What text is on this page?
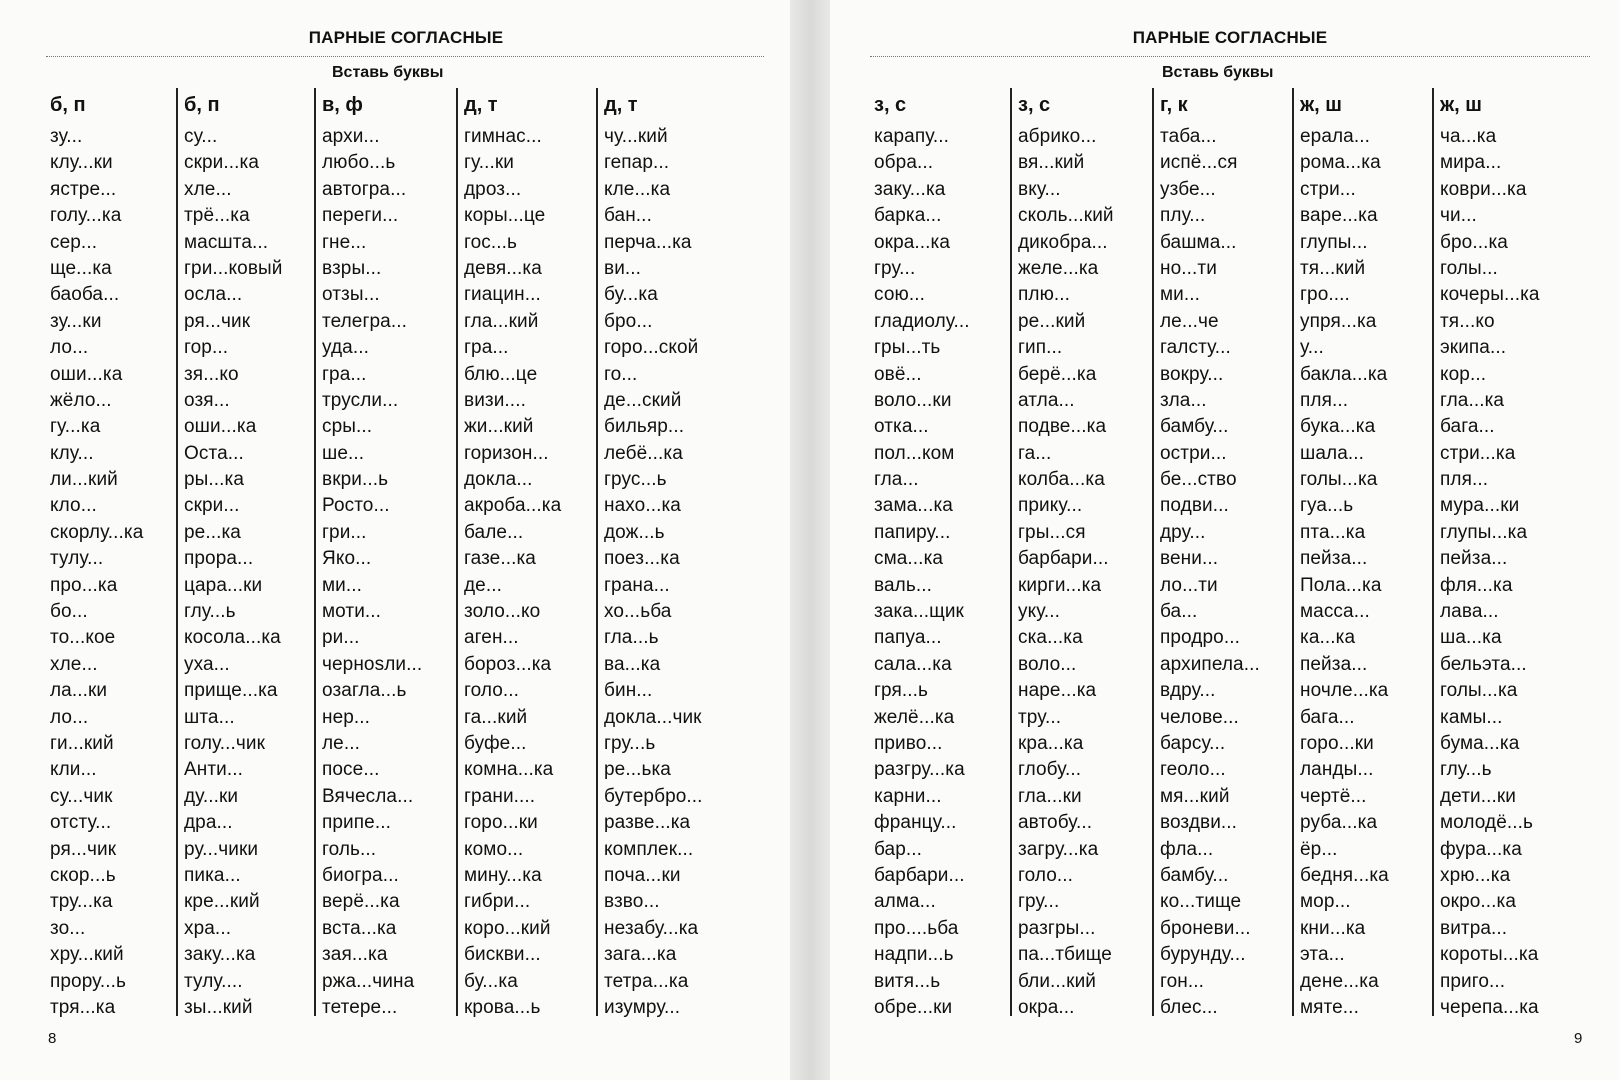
ПАРНЫЕ СОГЛАСНЫЕ
Вставь буквы
б, п
зу...
клу...ки
ястре...
голу...ка
сер...
ще...ка
баоба...
зу...ки
ло...
оши...ка
жёло...
гу...ка
клу...
ли...кий
кло...
скорлу...ка
тулу...
про...ка
бо...
то...кое
хле...
ла...ки
ло...
ги...кий
кли...
су...чик
отсту...
ря...чик
скор...ь
тру...ка
зо...
хру...кий
прору...ь
тря...ка
б, п
су...
скри...ка
хле...
трё...ка
масшта...
гри...ковый
осла...
ря...чик
гор...
зя...ко
озя...
оши...ка
Оста...
ры...ка
скри...
ре...ка
прора...
цара...ки
глу...ь
косола...ка
уха...
прище...ка
шта...
голу...чик
Анти...
ду...ки
дра...
ру...чики
пика...
кре...кий
хра...
заку...ка
тулу....
зы...кий
в, ф
архи...
любо...ь
автогра...
переги...
гне...
взры...
отзы...
телегра...
уда...
гра...
трусли...
сры...
ше...
вкри...ь
Росто...
гри...
Яко...
ми...
моти...
ри...
чернosли...
озагла...ь
нер...
ле...
посе...
Вячесла...
припе...
голь...
биогра...
верё...ка
вста...ка
зая...ка
ржа...чина
тетере...
д, т
гимнас...
гу...ки
дроз...
коры...це
гос...ь
девя...ка
гиацин...
гла...кий
гра...
блю...це
визи....
жи...кий
горизон...
докла...
акроба...ка
бале...
газе...ка
де...
золо...ко
аген...
бороз...ка
голо...
га...кий
буфе...
комна...ка
грани....
горо...ки
комо...
мину...ка
гибри...
коро...кий
бискви...
бу...ка
крова...ь
д, т
чу...кий
гепар...
кле...ка
бан...
перча...ка
ви...
бу...ка
бро...
горо...ской
го...
де...ский
бильяр...
лебё...ка
грус...ь
нахо...ка
дож...ь
поез...ка
грана...
хо...ьба
гла...ь
ва...ка
бин...
докла...чик
гру...ь
ре...ька
бутербро...
разве...ка
комплек...
поча...ки
взво...
незабу...ка
зага...ка
тетра...ка
изумру...
8
ПАРНЫЕ СОГЛАСНЫЕ
Вставь буквы
з, с
карапу...
обра...
заку...ка
барка...
окра...ка
гру...
сою...
гладиолу...
гры...ть
овё...
воло...ки
отка...
пол...ком
гла...
зама...ка
папиру...
сма...ка
валь...
зака...щик
папуа...
сала...ка
гря...ь
желё...ка
приво...
разгру...ка
карни...
францу...
бар...
барбари...
алма...
про....ьба
надпи...ь
витя...ь
обре...ки
з, с
абрико...
вя...кий
вку...
сколь...кий
дикобра...
желе...ка
плю...
ре...кий
гип...
берё...ка
атла...
подве...ка
га...
колба...ка
прику...
гры...ся
барбари...
кирги...ка
уку...
ска...ка
воло...
наре...ка
тру...
кра...ка
глобу...
гла...ки
автобу...
загру...ка
голо...
гру...
разгры...
па...тбище
бли...кий
окра...
г, к
таба...
испё...ся
узбе...
плу...
башма...
но...ти
ми...
ле...че
галсту...
вокру...
зла...
бамбу...
остри...
бе...ство
подви...
дру...
вени...
ло...ти
ба...
продро...
архипела...
вдру...
челове...
барсу...
геоло...
мя...кий
воздви...
фла...
бамбу...
ко...тище
броневи...
бурунду...
гон...
блес...
ж, ш
ерала...
рома...ка
стри...
варе...ка
глупы...
тя...кий
гро....
упря...ка
у...
бакла...ка
пля...
бука...ка
шала...
голы...ка
гуа...ь
пта...ка
пейза...
Пола...ка
масса...
ка...ка
пейза...
ночле...ка
бага...
горо...ки
ланды...
чертё...
руба...ка
ёр...
бедня...ка
мор...
кни...ка
эта...
дене...ка
мяте...
ж, ш
ча...ка
мира...
коври...ка
чи...
бро...ка
голы...
кочеры...ка
тя...ко
экипа...
кор...
гла...ка
бага...
стри...ка
пля...
мура...ки
глупы...ка
пейза...
фля...ка
лава...
ша...ка
бельэта...
голы...ка
камы...
бума...ка
глу...ь
дети...ки
молодё...ь
фура...ка
хрю...ка
окро...ка
витра...
короты...ка
приго...
черепа...ка
9
